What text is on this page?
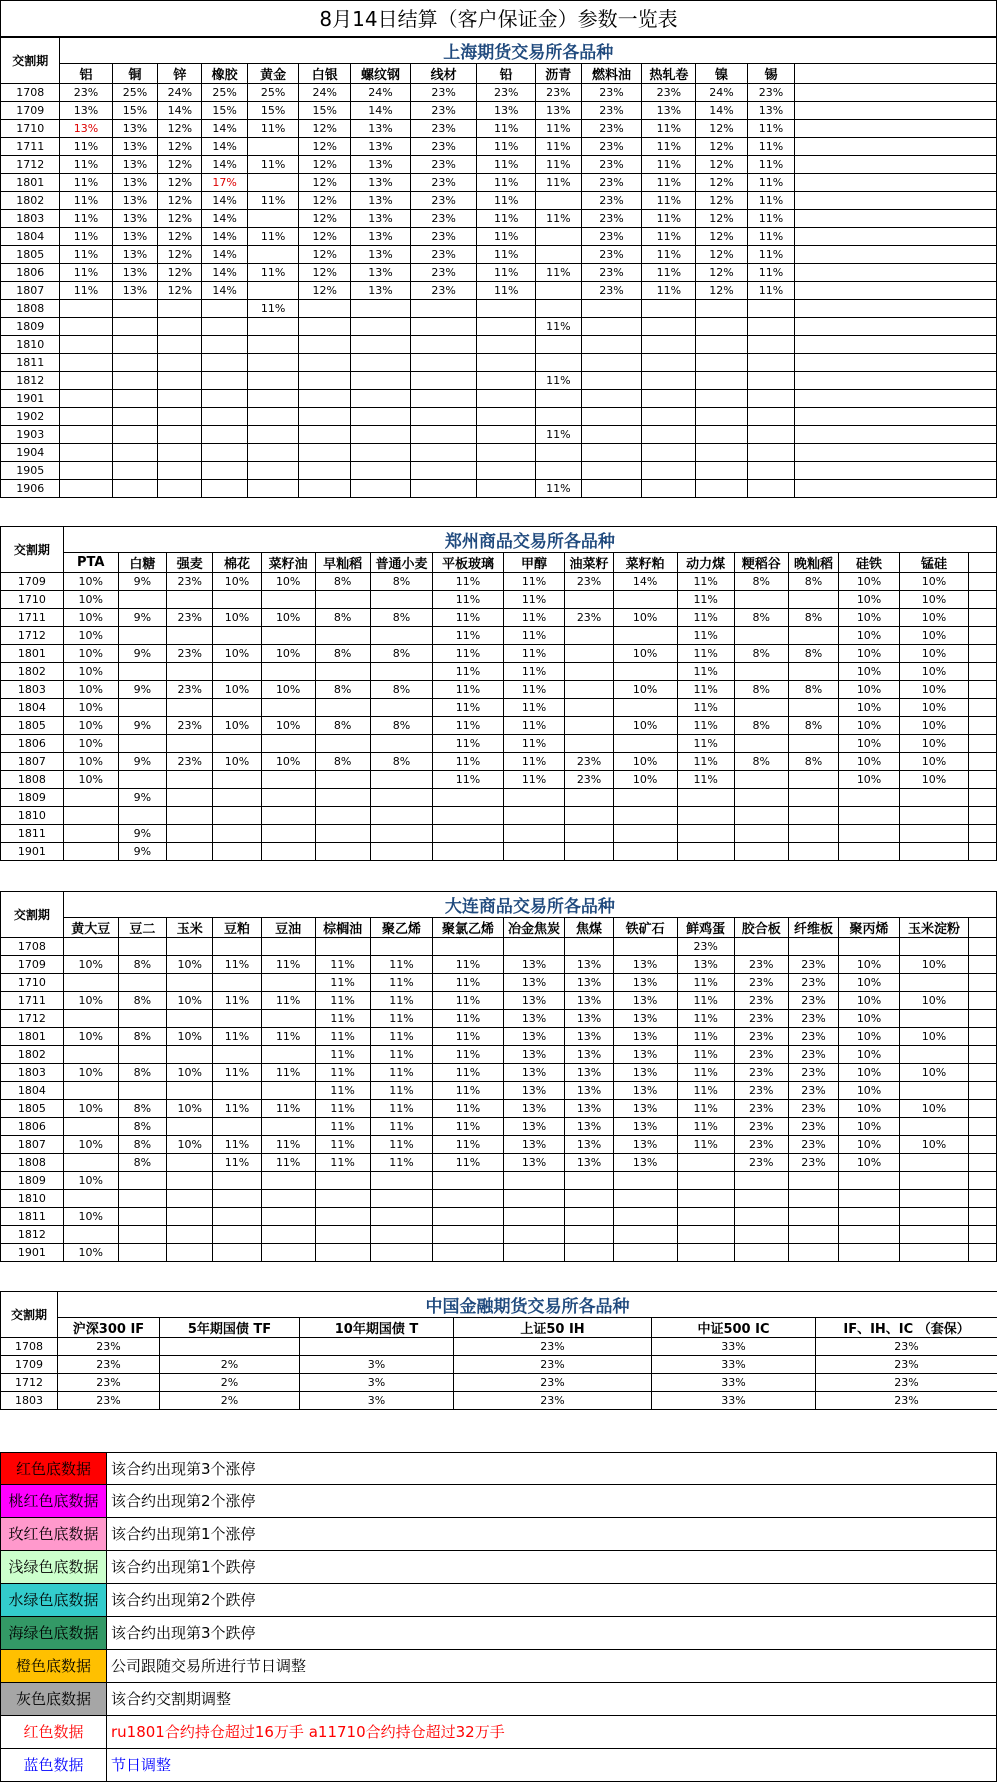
8月14日结算（客户保证金）参数一览表
交割期	上海期货交易所各品种														
	铝	铜	锌	橡胶	黄金	白银	螺纹钢	线材	铅	沥青	燃料油	热轧卷	镍	锡	
1708	23%	25%	24%	25%	25%	24%	24%	23%	23%	23%	23%	23%	24%	23%	
1709	13%	15%	14%	15%	15%	15%	14%	23%	13%	13%	23%	13%	14%	13%	
1710	13%	13%	12%	14%	11%	12%	13%	23%	11%	11%	23%	11%	12%	11%	
1711	11%	13%	12%	14%		12%	13%	23%	11%	11%	23%	11%	12%	11%	
1712	11%	13%	12%	14%	11%	12%	13%	23%	11%	11%	23%	11%	12%	11%	
1801	11%	13%	12%	17%		12%	13%	23%	11%	11%	23%	11%	12%	11%	
1802	11%	13%	12%	14%	11%	12%	13%	23%	11%		23%	11%	12%	11%	
1803	11%	13%	12%	14%		12%	13%	23%	11%	11%	23%	11%	12%	11%	
1804	11%	13%	12%	14%	11%	12%	13%	23%	11%		23%	11%	12%	11%	
1805	11%	13%	12%	14%		12%	13%	23%	11%		23%	11%	12%	11%	
1806	11%	13%	12%	14%	11%	12%	13%	23%	11%	11%	23%	11%	12%	11%	
1807	11%	13%	12%	14%		12%	13%	23%	11%		23%	11%	12%	11%	
1808					11%										
1809										11%					
1810															
1811															
1812										11%					
1901															
1902															
1903										11%					
1904															
1905															
1906										11%					
交割期	郑州商品交易所各品种																
	PTA	白糖	强麦	棉花	菜籽油	早籼稻	普通小麦	平板玻璃	甲醇	油菜籽	菜籽粕	动力煤	粳稻谷	晚籼稻	硅铁	锰硅	
1709	10%	9%	23%	10%	10%	8%	8%	11%	11%	23%	14%	11%	8%	8%	10%	10%	
1710	10%							11%	11%			11%			10%	10%	
1711	10%	9%	23%	10%	10%	8%	8%	11%	11%	23%	10%	11%	8%	8%	10%	10%	
1712	10%							11%	11%			11%			10%	10%	
1801	10%	9%	23%	10%	10%	8%	8%	11%	11%		10%	11%	8%	8%	10%	10%	
1802	10%							11%	11%			11%			10%	10%	
1803	10%	9%	23%	10%	10%	8%	8%	11%	11%		10%	11%	8%	8%	10%	10%	
1804	10%							11%	11%			11%			10%	10%	
1805	10%	9%	23%	10%	10%	8%	8%	11%	11%		10%	11%	8%	8%	10%	10%	
1806	10%							11%	11%			11%			10%	10%	
1807	10%	9%	23%	10%	10%	8%	8%	11%	11%	23%	10%	11%	8%	8%	10%	10%	
1808	10%							11%	11%	23%	10%	11%			10%	10%	
1809		9%															
1810																	
1811		9%															
1901		9%															
交割期	大连商品交易所各品种																
	黄大豆	豆二	玉米	豆粕	豆油	棕榈油	聚乙烯	聚氯乙烯	冶金焦炭	焦煤	铁矿石	鲜鸡蛋	胶合板	纤维板	聚丙烯	玉米淀粉	
1708												23%					
1709	10%	8%	10%	11%	11%	11%	11%	11%	13%	13%	13%	13%	23%	23%	10%	10%	
1710						11%	11%	11%	13%	13%	13%	11%	23%	23%	10%		
1711	10%	8%	10%	11%	11%	11%	11%	11%	13%	13%	13%	11%	23%	23%	10%	10%	
1712						11%	11%	11%	13%	13%	13%	11%	23%	23%	10%		
1801	10%	8%	10%	11%	11%	11%	11%	11%	13%	13%	13%	11%	23%	23%	10%	10%	
1802						11%	11%	11%	13%	13%	13%	11%	23%	23%	10%		
1803	10%	8%	10%	11%	11%	11%	11%	11%	13%	13%	13%	11%	23%	23%	10%	10%	
1804						11%	11%	11%	13%	13%	13%	11%	23%	23%	10%		
1805	10%	8%	10%	11%	11%	11%	11%	11%	13%	13%	13%	11%	23%	23%	10%	10%	
1806		8%				11%	11%	11%	13%	13%	13%	11%	23%	23%	10%		
1807	10%	8%	10%	11%	11%	11%	11%	11%	13%	13%	13%	11%	23%	23%	10%	10%	
1808		8%		11%	11%	11%	11%	11%	13%	13%	13%		23%	23%	10%		
1809	10%																
1810																	
1811	10%																
1812																	
1901	10%																
交割期	中国金融期货交易所各品种					
	沪深300 IF	5年期国债 TF	10年期国债 T	上证50 IH	中证500 IC	IF、IH、IC （套保）
1708	23%			23%	33%	23%
1709	23%	2%	3%	23%	33%	23%
1712	23%	2%	3%	23%	33%	23%
1803	23%	2%	3%	23%	33%	23%
红色底数据	该合约出现第3个涨停
桃红色底数据 该合约出现第2个涨停
玫红色底数据 该合约出现第1个涨停
浅绿色底数据 该合约出现第1个跌停
水绿色底数据 该合约出现第2个跌停
海绿色底数据 该合约出现第3个跌停
橙色底数据	公司跟随交易所进行节日调整
灰色底数据	该合约交割期调整
红色数据	ru1801合约持仓超过16万手 a11710合约持仓超过32万手
蓝色数据	节日调整
